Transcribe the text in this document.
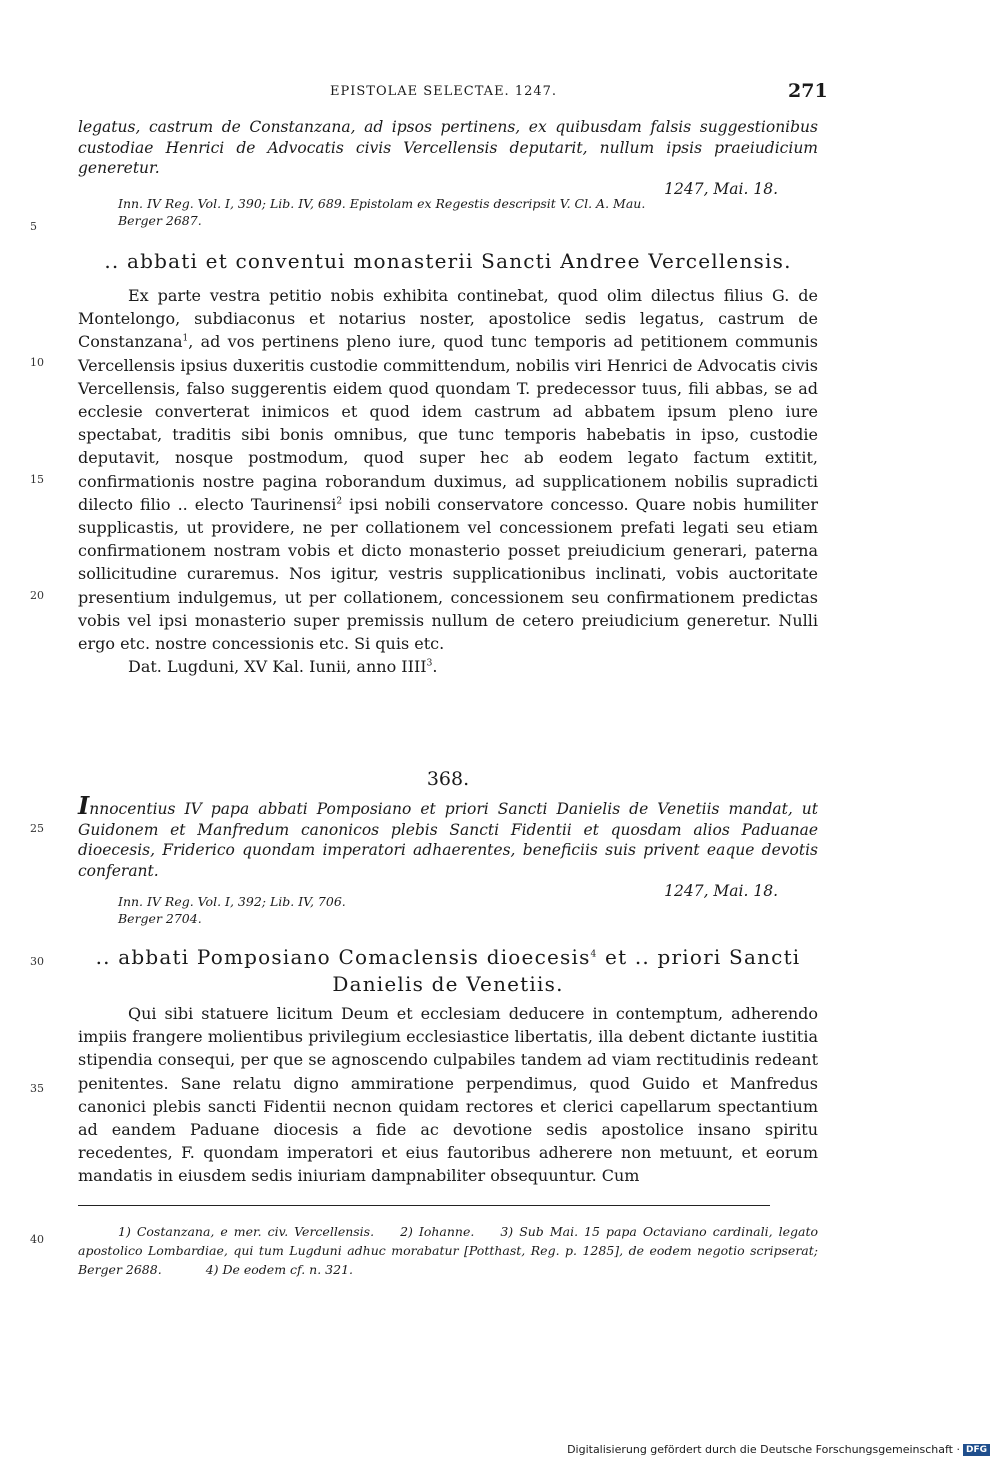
EPISTOLAE SELECTAE. 1247.	271
5
10
15
20
25
30
35
40
legatus, castrum de Constanzana, ad ipsos pertinens, ex quibusdam falsis suggestionibus custodiae Henrici de Advocatis civis Vercellensis deputarit, nullum ipsis praeiudicium generetur.
1247, Mai. 18.
Inn. IV Reg. Vol. I, 390; Lib. IV, 689. Epistolam ex Regestis descripsit V. Cl. A. Mau.
Berger 2687.
.. abbati et conventui monasterii Sancti Andree Vercellensis.

Ex parte vestra petitio nobis exhibita continebat, quod olim dilectus filius G. de Montelongo, subdiaconus et notarius noster, apostolice sedis legatus, castrum de Constanzana$^1$, ad vos pertinens pleno iure, quod tunc temporis ad petitionem communis Vercellensis ipsius duxeritis custodie committendum, nobilis viri Henrici de Advocatis civis Vercellensis, falso suggerentis eidem quod quondam T. predecessor tuus, fili abbas, se ad ecclesie converterat inimicos et quod idem castrum ad abbatem ipsum pleno iure spectabat, traditis sibi bonis omnibus, que tunc temporis habebatis in ipso, custodie deputavit, nosque postmodum, quod super hec ab eodem legato factum extitit, confirmationis nostre pagina roborandum duximus, ad supplicationem nobilis supradicti dilecto filio .. electo Taurinensi$^2$ ipsi nobili conservatore concesso. Quare nobis humiliter supplicastis, ut providere, ne per collationem vel concessionem prefati legati seu etiam confirmationem nostram vobis et dicto monasterio posset preiudicium generari, paterna sollicitudine curaremus. Nos igitur, vestris supplicationibus inclinati, vobis auctoritate presentium indulgemus, ut per collationem, concessionem seu confirmationem predictas vobis vel ipsi monasterio super premissis nullum de cetero preiudicium generetur. Nulli ergo etc. nostre concessionis etc. Si quis etc.

Dat. Lugduni, XV Kal. Iunii, anno IIII$^3$.

368.
Innocentius IV papa abbati Pomposiano et priori Sancti Danielis de Venetiis mandat, ut Guidonem et Manfredum canonicos plebis Sancti Fidentii et quosdam alios Paduanae dioecesis, Friderico quondam imperatori adhaerentes, beneficiis suis privent eaque devotis conferant.
1247, Mai. 18.
Inn. IV Reg. Vol. I, 392; Lib. IV, 706.
Berger 2704.
.. abbati Pomposiano Comaclensis dioecesis$^4$ et .. priori Sancti Danielis de Venetiis.

Qui sibi statuere licitum Deum et ecclesiam deducere in contemptum, adherendo impiis frangere molientibus privilegium ecclesiastice libertatis, illa debent dictante iustitia stipendia consequi, per que se agnoscendo culpabiles tandem ad viam rectitudinis redeant penitentes. Sane relatu digno ammiratione perpendimus, quod Guido et Manfredus canonici plebis sancti Fidentii necnon quidam rectores et clerici capellarum spectantium ad eandem Paduane diocesis a fide ac devotione sedis apostolice insano spiritu recedentes, F. quondam imperatori et eius fautoribus adherere non metuunt, et eorum mandatis in eiusdem sedis iniuriam dampnabiliter obsequuntur. Cum

1) Costanzana, e mer. civ. Vercellensis. 2) Iohanne. 3) Sub Mai. 15 papa Octaviano cardinali, legato apostolico Lombardiae, qui tum Lugduni adhuc morabatur [Potthast, Reg. p. 1285], de eodem negotio scripserat; Berger 2688.	4) De eodem cf. n. 321.
Digitalisierung gefördert durch die Deutsche Forschungsgemeinschaft · DFG
